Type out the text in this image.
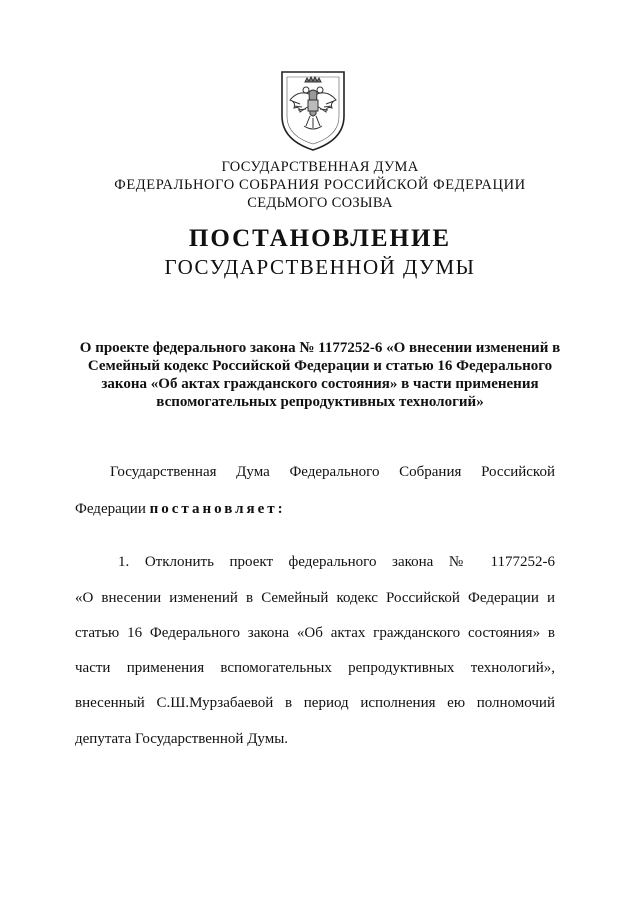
ГОСУДАРСТВЕННАЯ ДУМА
ФЕДЕРАЛЬНОГО СОБРАНИЯ РОССИЙСКОЙ ФЕДЕРАЦИИ
СЕДЬМОГО СОЗЫВА
ПОСТАНОВЛЕНИЕ
ГОСУДАРСТВЕННОЙ ДУМЫ
О проекте федерального закона № 1177252-6 «О внесении изменений в
Семейный кодекс Российской Федерации и статью 16 Федерального
закона «Об актах гражданского состояния» в части применения
вспомогательных репродуктивных технологий»
Государственная Дума Федерального Собрания Российской
Федерации постановляет:
1. Отклонить проект федерального закона № 1177252-6
«О внесении изменений в Семейный кодекс Российской Федерации и
статью 16 Федерального закона «Об актах гражданского состояния» в
части применения вспомогательных репродуктивных технологий»,
внесенный С.Ш.Мурзабаевой в период исполнения ею полномочий
депутата Государственной Думы.
